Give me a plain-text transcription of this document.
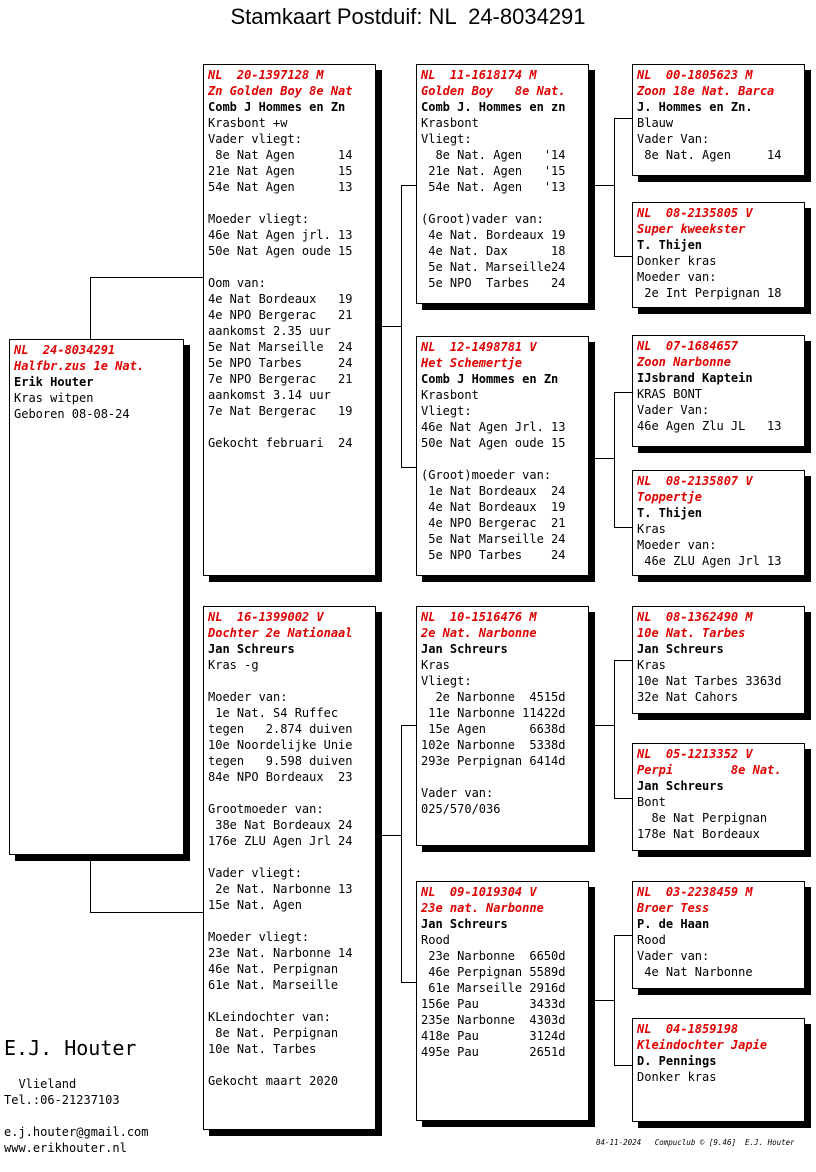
Stamkaart Postduif: NL  24-8034291
NL  24-8034291
Halfbr.zus 1e Nat.
Erik Houter
Kras witpen
Geboren 08-08-24
NL  20-1397128 M
Zn Golden Boy 8e Nat
Comb J Hommes en Zn
Krasbont +w
Vader vliegt:
8e Nat Agen      14
21e Nat Agen      15
54e Nat Agen      13
Moeder vliegt:
46e Nat Agen jrl. 13
50e Nat Agen oude 15
Oom van:
4e Nat Bordeaux   19
4e NPO Bergerac   21
aankomst 2.35 uur
5e Nat Marseille  24
5e NPO Tarbes     24
7e NPO Bergerac   21
aankomst 3.14 uur
7e Nat Bergerac   19
Gekocht februari  24
NL  16-1399002 V
Dochter 2e Nationaal
Jan Schreurs
Kras -g
Moeder van:
1e Nat. S4 Ruffec
tegen   2.874 duiven
10e Noordelijke Unie
tegen   9.598 duiven
84e NPO Bordeaux  23
Grootmoeder van:
38e Nat Bordeaux 24
176e ZLU Agen Jrl 24
Vader vliegt:
2e Nat. Narbonne 13
15e Nat. Agen
Moeder vliegt:
23e Nat. Narbonne 14
46e Nat. Perpignan
61e Nat. Marseille
KLeindochter van:
8e Nat. Perpignan
10e Nat. Tarbes
Gekocht maart 2020
NL  11-1618174 M
Golden Boy   8e Nat.
Comb J. Hommes en zn
Krasbont
Vliegt:
8e Nat. Agen   '14
21e Nat. Agen   '15
54e Nat. Agen   '13
(Groot)vader van:
4e Nat. Bordeaux 19
4e Nat. Dax      18
5e Nat. Marseille24
5e NPO  Tarbes   24
NL  12-1498781 V
Het Schemertje
Comb J Hommes en Zn
Krasbont
Vliegt:
46e Nat Agen Jrl. 13
50e Nat Agen oude 15
(Groot)moeder van:
1e Nat Bordeaux  24
4e Nat Bordeaux  19
4e NPO Bergerac  21
5e Nat Marseille 24
5e NPO Tarbes    24
NL  10-1516476 M
2e Nat. Narbonne
Jan Schreurs
Kras
Vliegt:
2e Narbonne  4515d
11e Narbonne 11422d
15e Agen      6638d
102e Narbonne  5338d
293e Perpignan 6414d
Vader van:
025/570/036
NL  09-1019304 V
23e nat. Narbonne
Jan Schreurs
Rood
23e Narbonne  6650d
46e Perpignan 5589d
61e Marseille 2916d
156e Pau       3433d
235e Narbonne  4303d
418e Pau       3124d
495e Pau       2651d
NL  00-1805623 M
Zoon 18e Nat. Barca
J. Hommes en Zn.
Blauw
Vader Van:
8e Nat. Agen     14
NL  08-2135805 V
Super kweekster
T. Thijen
Donker kras
Moeder van:
2e Int Perpignan 18
NL  07-1684657
Zoon Narbonne
IJsbrand Kaptein
KRAS BONT
Vader Van:
46e Agen Zlu JL   13
NL  08-2135807 V
Toppertje
T. Thijen
Kras
Moeder van:
46e ZLU Agen Jrl 13
NL  08-1362490 M
10e Nat. Tarbes
Jan Schreurs
Kras
10e Nat Tarbes 3363d
32e Nat Cahors
NL  05-1213352 V
Perpi        8e Nat.
Jan Schreurs
Bont
8e Nat Perpignan
178e Nat Bordeaux
NL  03-2238459 M
Broer Tess
P. de Haan
Rood
Vader van:
4e Nat Narbonne
NL  04-1859198
Kleindochter Japie
D. Pennings
Donker kras
E.J. Houter
Vlieland
Tel.:06-21237103
e.j.houter@gmail.com
www.erikhouter.nl	04-11-2024   Compuclub © [9.46]  E.J. Houter
